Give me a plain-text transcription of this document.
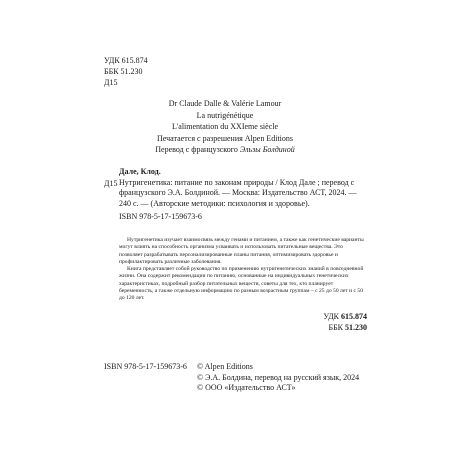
УДК 615.874
ББК 51.230
Д15
Dr Claude Dalle & Valérie Lamour
La nutrigénétique
L'alimentation du XXIeme siècle
Печатается с разрешения Alpen Editions
Перевод с французского Эльзы Болдиной
Д15
Дале, Клод.
Нутригенетика: питание по законам природы / Клод Дале ; перевод с французского Э.А. Болдиной. — Москва: Издательство АСТ, 2024. — 240 с. — (Авторские методики: психология и здоровье).
ISBN 978-5-17-159673-6

Нутригенетика изучает взаимосвязь между генами и питанием, а также как генетические варианты могут влиять на способность организма усваивать и использовать питательные вещества. Это позволяет разрабатывать персонализированные планы питания, оптимизировать здоровье и профилактировать различные заболевания.

Книга представляет собой руководство по применению нутригенетических знаний в повседневной жизни. Она содержит рекомендации по питанию, основанные на индивидуальных генетических характеристиках, подробный разбор питательных веществ, советы для тех, кто планирует беременность, а также отдельную информацию по разным возрастным группам – с 25 до 50 лет и с 50 до 120 лет.

УДК 615.874
ББК 51.230
ISBN 978-5-17-159673-6 © Alpen Editions
© Э.А. Болдина, перевод на русский язык, 2024
© ООО «Издательство АСТ»
